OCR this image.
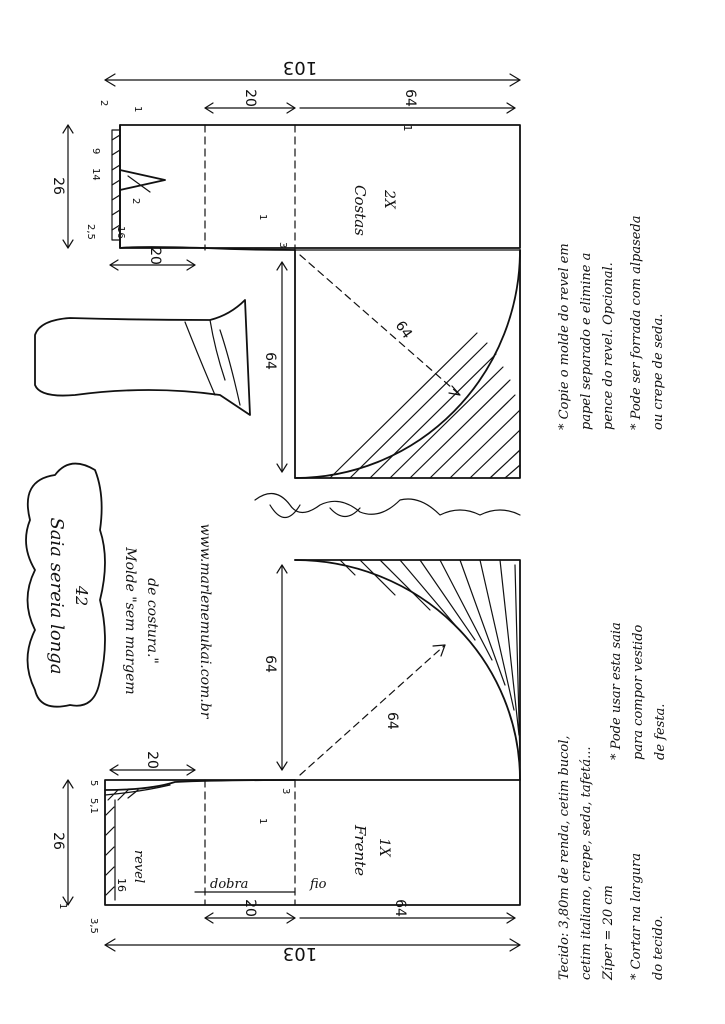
103
20	64
1
26
2
1
9
14
2
2,5 16
3
1
20
Costas 2X
64
64
Saia sereia longa 42 Molde "sem margem de costura."	www.marlenemukai.com.br
64
64
revel
16
Frente 1X
dobra	fio
3
1
5
5,1
3,5
1
20
26
20	64
103	Tecido: 3,80m de renda, cetim bucol, cetim italiano, crepe, seda, tafetá... Zíper = 20 cm * Cortar na largura do tecido.
* Pode usar esta saia para compor vestido de festa.
* Copie o molde do revel em papel separado e elimine a pence do revel. Opcional. * Pode ser forrada com alpaseda ou crepe de seda.
